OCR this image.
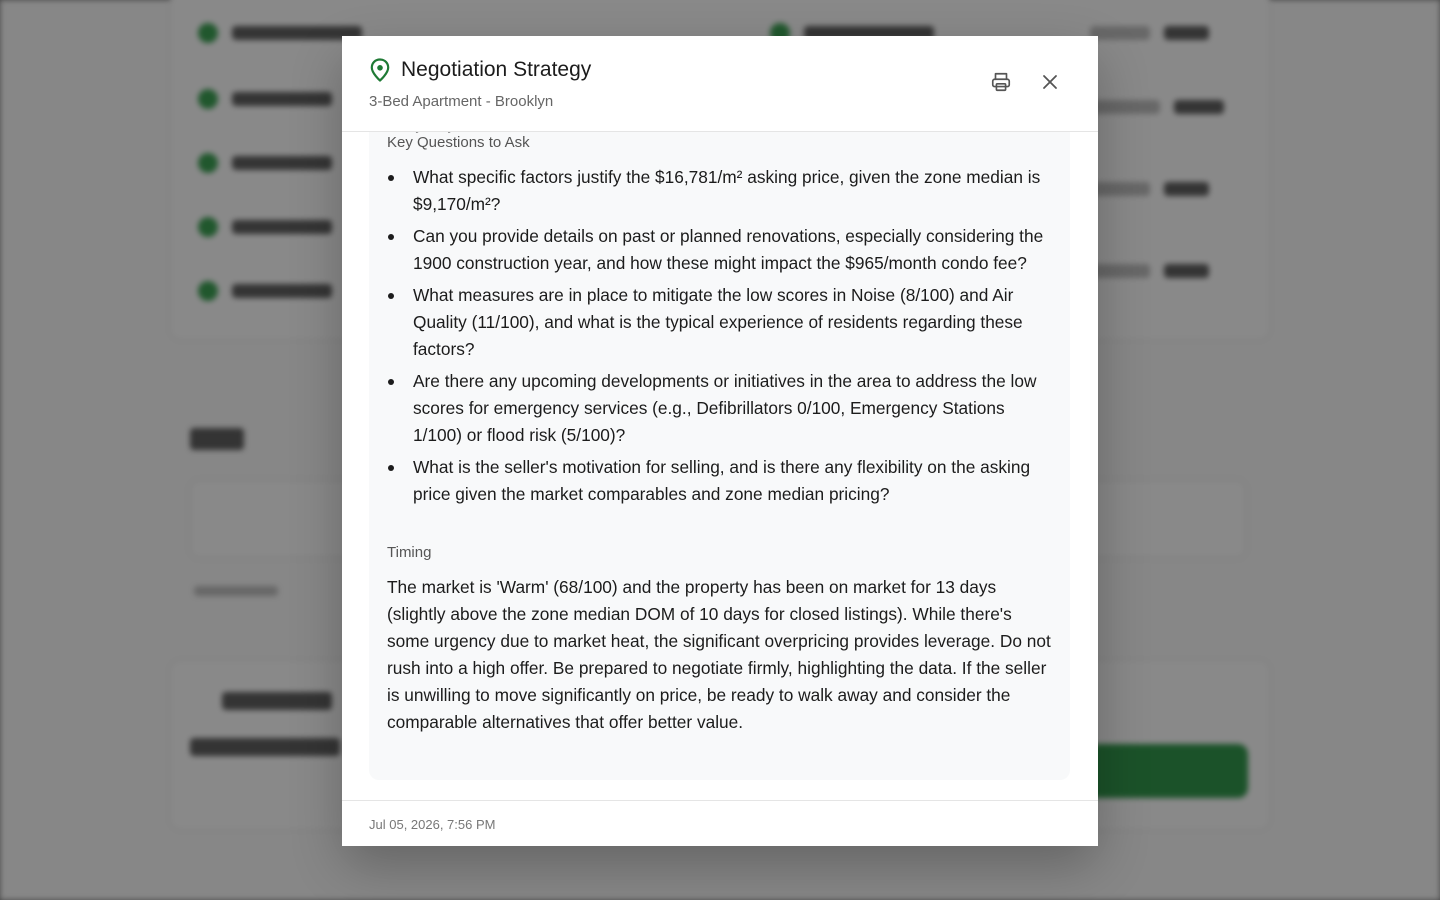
Negotiation Strategy
3-Bed Apartment - Brooklyn
Key Questions to Ask
What specific factors justify the $16,781/m² asking price, given the zone median is $9,170/m²?
Can you provide details on past or planned renovations, especially considering the 1900 construction year, and how these might impact the $965/month condo fee?
What measures are in place to mitigate the low scores in Noise (8/100) and Air Quality (11/100), and what is the typical experience of residents regarding these factors?
Are there any upcoming developments or initiatives in the area to address the low scores for emergency services (e.g., Defibrillators 0/100, Emergency Stations 1/100) or flood risk (5/100)?
What is the seller's motivation for selling, and is there any flexibility on the asking price given the market comparables and zone median pricing?
Timing
The market is 'Warm' (68/100) and the property has been on market for 13 days (slightly above the zone median DOM of 10 days for closed listings). While there's some urgency due to market heat, the significant overpricing provides leverage. Do not rush into a high offer. Be prepared to negotiate firmly, highlighting the data. If the seller is unwilling to move significantly on price, be ready to walk away and consider the comparable alternatives that offer better value.
Jul 05, 2026, 7:56 PM
